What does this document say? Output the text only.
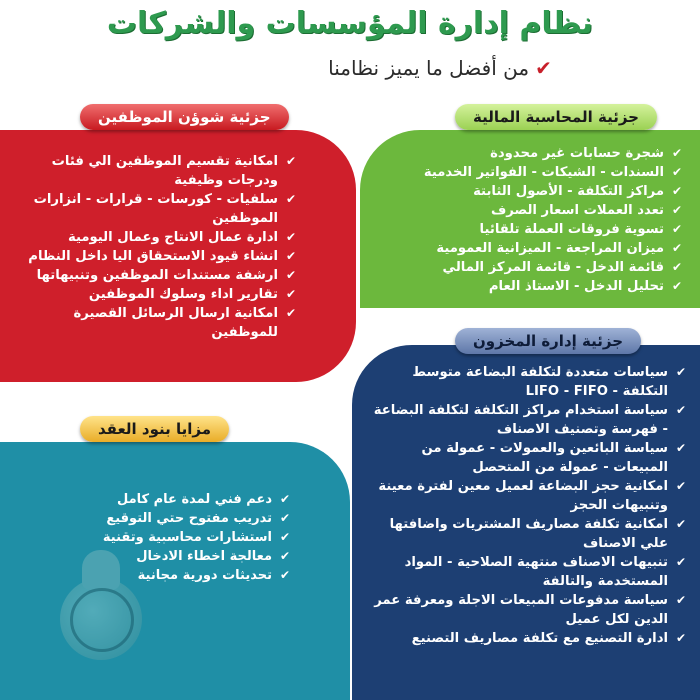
نظام إدارة المؤسسات والشركات
✔من أفضل ما يميز نظامنا
✔ شجرة حسابات غير محدودة
✔ السندات - الشيكات - الفواتير الخدمية
✔ مراكز التكلفة - الأصول الثابتة
✔ تعدد العملات اسعار الصرف
✔ تسوية فروقات العملة تلقائيا
✔ ميزان المراجعة - الميزانية العمومية
✔ قائمة الدخل - قائمة المركز المالي
✔ تحليل الدخل - الاستاذ العام
✔ امكانية تقسيم الموظفين الي فئات ودرجات وظيفية
✔ سلفيات - كورسات - قرارات - انزارات الموظفين
✔ ادارة عمال الانتاج وعمال اليومية
✔ انشاء قيود الاستحقاق اليا داخل النظام
✔ ارشفة مستندات الموظفين وتنبيهاتها
✔ تقارير اداء وسلوك الموظفين
✔ امكانية ارسال الرسائل القصيرة للموظفين
✔ سياسات متعددة لتكلفة البضاعة متوسط التكلفة - LIFO - FIFO
✔ سياسة استخدام مراكز التكلفة لتكلفة البضاعة - فهرسة وتصنيف الاصناف
✔ سياسة البائعين والعمولات - عمولة من المبيعات - عمولة من المتحصل
✔ امكانية حجز البضاعة لعميل معين لفترة معينة وتنبيهات الحجز
✔ امكانية تكلفة مصاريف المشتريات واضافتها علي الاصناف
✔ تنبيهات الاصناف منتهية الصلاحية - المواد المستخدمة والتالفة
✔ سياسة مدفوعات المبيعات الاجلة ومعرفة عمر الدين لكل عميل
✔ ادارة التصنيع مع تكلفة مصاريف التصنيع
✔ دعم فني لمدة عام كامل
✔ تدريب مفتوح حتي التوقيع
✔ استشارات محاسبية وتقنية
✔ معالجة اخطاء الادخال
✔ تحديثات دورية مجانية
جزئية المحاسبة المالية
جزئية شوؤن الموظفين
جزئية إدارة المخزون
مزايا بنود العقد
